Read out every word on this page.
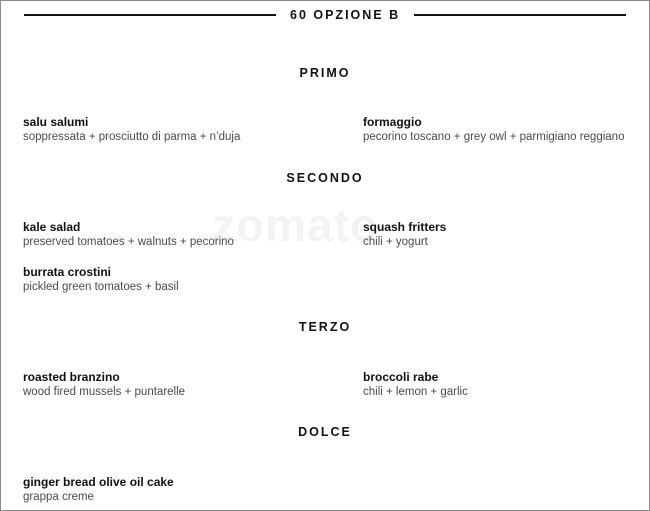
zomato
60 OPZIONE B
PRIMO
salu salumi
soppressata + prosciutto di parma + n’duja
formaggio
pecorino toscano + grey owl + parmigiano reggiano
SECONDO
kale salad
preserved tomatoes + walnuts + pecorino
squash fritters
chili + yogurt
burrata crostini
pickled green tomatoes + basil
TERZO
roasted branzino
wood fired mussels + puntarelle
broccoli rabe
chili + lemon + garlic
DOLCE
ginger bread olive oil cake
grappa creme
